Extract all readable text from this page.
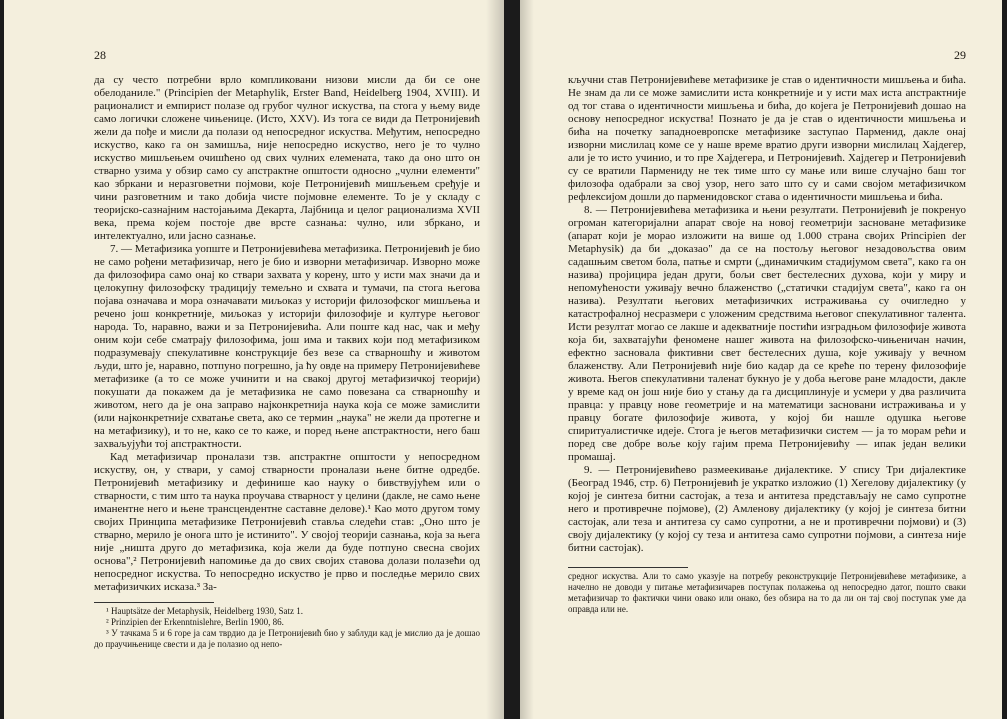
28

да су често потребни врло компликовани низови мисли да би се оне обелоданиле." (Principien der Metaphylik, Erster Band, Heidelberg 1904, XVIII). И рационалист и емпирист полазе од грубог чулног искуства, па стога у њему виде само логички сложене чињенице. (Исто, XXV). Из тога се види да Петронијевић жели да пође и мисли да полази од непосредног искуства. Међутим, непосредно искуство, како га он замишља, није непосредно искуство, него је то чулно искуство мишљењем очишћено од свих чулних елемената, тако да оно што он стварно узима у обзир само су апстрактне општости односно „чулни елементи" као збркани и неразговетни појмови, које Петронијевић мишљењем сређује и чини разговетним и тако добија чисте појмовне елементе. То је у складу с теоријско-сазнајним настојањима Декарта, Лајбница и целог рационализма XVII века, према којем постоје две врсте сазнања: чулно, или збркано, и интелектуално, или јасно сазнање.

7. — Метафизика уопште и Петронијевићева метафизика. Петронијевић је био не само рођени метафизичар, него је био и изворни метафизичар. Изворно може да филозофира само онај ко ствари захвата у корену, што у исти мах значи да и целокупну филозофску традицију темељно и схвата и тумачи, па стога његова појава означава и мора означавати миљоказ у историји филозофског мишљења и речено још конкретније, миљоказ у историји филозофије и културе његовог народа. То, наравно, важи и за Петронијевића. Али поште кад нас, чак и међу оним који себе сматрају филозофима, још има и таквих који под метафизиком подразумевају спекулативне конструкције без везе са стварношћу и животом људи, што је, наравно, потпуно погрешно, ја ћу овде на примеру Петронијевићеве метафизике (а то се може учинити и на свакој другој метафизичкој теорији) покушати да покажем да је метафизика не само повезана са стварношћу и животом, него да је она заправо најконкретнија наука која се може замислити (или најконкретније схватање света, ако се термин „наука" не жели да протегне и на метафизику), и то не, како се то каже, и поред њене апстрактности, него баш захваљујући тој апстрактности.

Кад метафизичар проналази тзв. апстрактне општости у непосредном искуству, он, у ствари, у самој стварности проналази њене битне одредбе. Петронијевић метафизику и дефинише као науку о бивствујућем или о стварности, с тим што та наука проучава стварност у целини (дакле, не само њене иманентне него и њене трансцендентне саставне делове).¹ Као мото другом тому својих Принципа метафизике Петронијевић ставља следећи став: „Оно што је стварно, мерило је онога што је истинито". У својој теорији сазнања, која за њега није „ништа друго до метафизика, која жели да буде потпуно свесна својих основа",² Петронијевић напомиње да до свих својих ставова долази полазећи од непосредног искуства. То непосредно искуство је прво и последње мерило свих метафизичких исказа.³ За-

¹ Hauptsätze der Metaphysik, Heidelberg 1930, Satz 1.

² Prinzipien der Erkenntnislehre, Berlin 1900, 86.

³ У тачкама 5 и 6 горе ја сам тврдио да је Петронијевић био у заблуди кад је мислио да је дошао до праучињенице свести и да је полазио од непо-

29

кључни став Петронијевићеве метафизике је став о идентичности мишљења и бића. Не знам да ли се може замислити иста конкретније и у исти мах иста апстрактније од тог става о идентичности мишљења и бића, до којега је Петронијевић дошао на основу непосредног искуства! Познато је да је став о идентичности мишљења и бића на почетку западноевропске метафизике заступао Парменид, дакле онај изворни мислилац коме се у наше време вратио други изворни мислилац Хајдегер, али је то исто учинио, и то пре Хајдегера, и Петронијевић. Хајдегер и Петронијевић су се вратили Пармениду не тек тиме што су мање или више случајно баш тог филозофа одабрали за свој узор, него зато што су и сами својом метафизичком рефлексијом дошли до парменидовског става о идентичности мишљења и бића.

8. — Петронијевићева метафизика и њени резултати. Петронијевић је покренуо огроман категоријални апарат своје на новој геометрији засноване метафизике (апарат који је морао изложити на више од 1.000 страна својих Principien der Metaphysik) да би „доказао" да се на постољу његовог незадовољства овим садашњим светом бола, патње и смрти („динамичким стадијумом света", како га он назива) пројицира један други, бољи свет бестелесних духова, који у миру и непомућености уживају вечно блаженство („статички стадијум света", како га он назива). Резултати његових метафизичких истраживања су очигледно у катастрофалној несразмери с уложеним средствима његовог спекулативног талента. Исти резултат могао се лакше и адекватније постићи изградњом филозофије живота која би, захватајући феномене нашег живота на филозофско-чињеничан начин, ефектно засновала фиктивни свет бестелесних душа, које уживају у вечном блаженству. Али Петронијевић није био кадар да се креће по терену филозофије живота. Његов спекулативни таленат букнуо је у доба његове ране младости, дакле у време кад он још није био у стању да га дисциплинује и усмери у два различита правца: у правцу нове геометрије и на математици засновани истраживања и у правцу богате филозофије живота, у којој би нашле одушка његове спиритуалистичке идеје. Стога је његов метафизички систем — ја то морам рећи и поред све добре воље коју гајим према Петронијевићу — ипак један велики промашај.

9. — Петронијевићево размеекивање дијалектике. У спису Три дијалектике (Београд 1946, стр. 6) Петронијевић је укратко изложио (1) Хегелову дијалектику (у којој је синтеза битни састојак, а теза и антитеза представљају не само супротне него и противречне појмове), (2) Амленову дијалектику (у којој је синтеза битни састојак, али теза и антитеза су само супротни, а не и противречни појмови) и (3) своју дијалектику (у којој су теза и антитеза само супротни појмови, а синтеза није битни састојак).

средног искуства. Али то само указује на потребу реконструкције Петронијевићеве метафизике, а начелно не доводи у питање метафизичарев поступак полажења од непосредно датог, пошто сваки метафизичар то фактички чини овако или онако, без обзира на то да ли он тај свој поступак уме да оправда или не.
